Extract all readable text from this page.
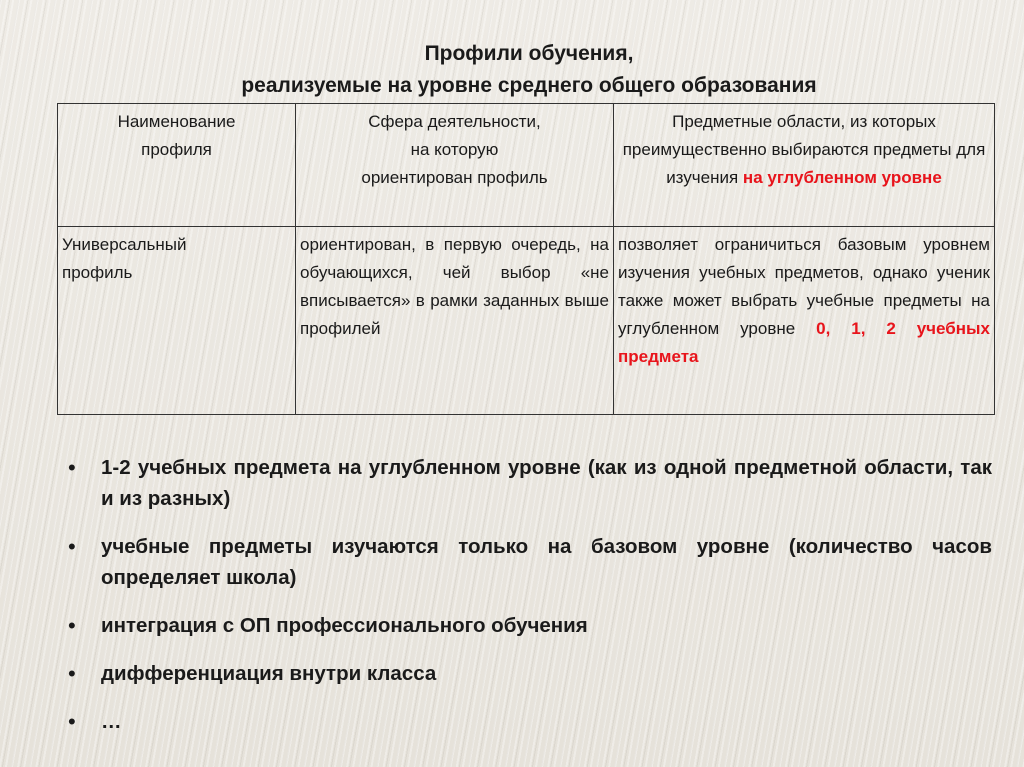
Профили обучения,
реализуемые на уровне среднего общего образования
Наименование профиля	Сфера деятельности, на которую ориентирован профиль	Предметные области, из которых преимущественно выбираются предметы для изучения на углубленном уровне

Универсальный профиль	ориентирован, в первую очередь, на обучающихся, чей выбор «не вписывается» в рамки заданных выше профилей	позволяет ограничиться базовым уровнем изучения учебных предметов, однако ученик также может выбрать учебные предметы на углубленном уровне 0, 1, 2 учебных предмета
• 1-2 учебных предмета на углубленном уровне (как из одной предметной области, так и из разных)
• учебные предметы изучаются только на базовом уровне (количество часов определяет школа)
• интеграция с ОП профессионального обучения
• дифференциация внутри класса
• …
